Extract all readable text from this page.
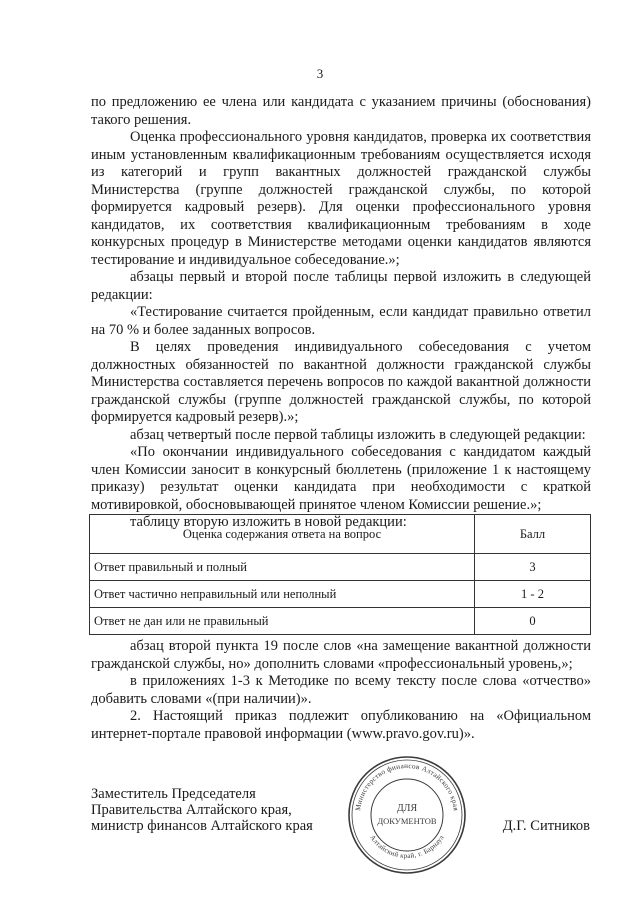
3

по предложению ее члена или кандидата с указанием причины (обоснования) такого решения.

Оценка профессионального уровня кандидатов, проверка их соответствия иным установленным квалификационным требованиям осуществляется исходя из категорий и групп вакантных должностей гражданской службы Министерства (группе должностей гражданской службы, по которой формируется кадровый резерв). Для оценки профессионального уровня кандидатов, их соответствия квалификационным требованиям в ходе конкурсных процедур в Министерстве методами оценки кандидатов являются тестирование и индивидуальное собеседование.»;

абзацы первый и второй после таблицы первой изложить в следующей редакции:

«Тестирование считается пройденным, если кандидат правильно ответил на 70 % и более заданных вопросов.

В целях проведения индивидуального собеседования с учетом должностных обязанностей по вакантной должности гражданской службы Министерства составляется перечень вопросов по каждой вакантной должности гражданской службы (группе должностей гражданской службы, по которой формируется кадровый резерв).»;

абзац четвертый после первой таблицы изложить в следующей редакции:

«По окончании индивидуального собеседования с кандидатом каждый член Комиссии заносит в конкурсный бюллетень (приложение 1 к настоящему приказу) результат оценки кандидата при необходимости с краткой мотивировкой, обосновывающей принятое членом Комиссии решение.»;

таблицу вторую изложить в новой редакции:

Оценка содержания ответа на вопрос	Балл
Ответ правильный и полный	3
Ответ частично неправильный или неполный	1 - 2
Ответ не дан или не правильный	0

абзац второй пункта 19 после слов «на замещение вакантной должности гражданской службы, но» дополнить словами «профессиональный уровень,»;

в приложениях 1-3 к Методике по всему тексту после слова «отчество» добавить словами «(при наличии)».

2. Настоящий приказ подлежит опубликованию на «Официальном интернет-портале правовой информации (www.pravo.gov.ru)».

Заместитель Председателя
Правительства Алтайского края,
министр финансов Алтайского края
Министерство финансов Алтайского края
Алтайский край, г. Барнаул
ДЛЯ
ДОКУМЕНТОВ	Д.Г. Ситников
